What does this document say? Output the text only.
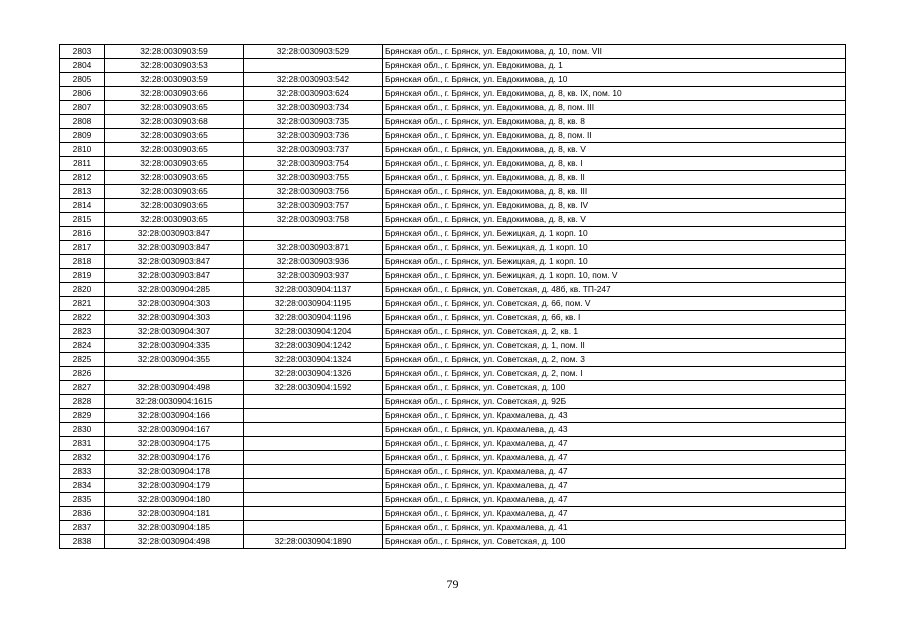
2803	32:28:0030903:59	32:28:0030903:529	Брянская обл., г. Брянск, ул. Евдокимова, д. 10, пом. VII
2804	32:28:0030903:53		Брянская обл., г. Брянск, ул. Евдокимова, д. 1
2805	32:28:0030903:59	32:28:0030903:542	Брянская обл., г. Брянск, ул. Евдокимова, д. 10
2806	32:28:0030903:66	32:28:0030903:624	Брянская обл., г. Брянск, ул. Евдокимова, д. 8, кв. IX, пом. 10
2807	32:28:0030903:65	32:28:0030903:734	Брянская обл., г. Брянск, ул. Евдокимова, д. 8, пом. III
2808	32:28:0030903:68	32:28:0030903:735	Брянская обл., г. Брянск, ул. Евдокимова, д. 8, кв. 8
2809	32:28:0030903:65	32:28:0030903:736	Брянская обл., г. Брянск, ул. Евдокимова, д. 8, пом. II
2810	32:28:0030903:65	32:28:0030903:737	Брянская обл., г. Брянск, ул. Евдокимова, д. 8, кв. V
2811	32:28:0030903:65	32:28:0030903:754	Брянская обл., г. Брянск, ул. Евдокимова, д. 8, кв. I
2812	32:28:0030903:65	32:28:0030903:755	Брянская обл., г. Брянск, ул. Евдокимова, д. 8, кв. II
2813	32:28:0030903:65	32:28:0030903:756	Брянская обл., г. Брянск, ул. Евдокимова, д. 8, кв. III
2814	32:28:0030903:65	32:28:0030903:757	Брянская обл., г. Брянск, ул. Евдокимова, д. 8, кв. IV
2815	32:28:0030903:65	32:28:0030903:758	Брянская обл., г. Брянск, ул. Евдокимова, д. 8, кв. V
2816	32:28:0030903:847		Брянская обл., г. Брянск, ул. Бежицкая, д. 1 корп. 10
2817	32:28:0030903:847	32:28:0030903:871	Брянская обл., г. Брянск, ул. Бежицкая, д. 1 корп. 10
2818	32:28:0030903:847	32:28:0030903:936	Брянская обл., г. Брянск, ул. Бежицкая, д. 1 корп. 10
2819	32:28:0030903:847	32:28:0030903:937	Брянская обл., г. Брянск, ул. Бежицкая, д. 1 корп. 10, пом. V
2820	32:28:0030904:285	32:28:0030904:1137	Брянская обл., г. Брянск, ул. Советская, д. 48б, кв. ТП-247
2821	32:28:0030904:303	32:28:0030904:1195	Брянская обл., г. Брянск, ул. Советская, д. 66, пом. V
2822	32:28:0030904:303	32:28:0030904:1196	Брянская обл., г. Брянск, ул. Советская, д. 66, кв. I
2823	32:28:0030904:307	32:28:0030904:1204	Брянская обл., г. Брянск, ул. Советская, д. 2, кв. 1
2824	32:28:0030904:335	32:28:0030904:1242	Брянская обл., г. Брянск, ул. Советская, д. 1, пом. II
2825	32:28:0030904:355	32:28:0030904:1324	Брянская обл., г. Брянск, ул. Советская, д. 2, пом. 3
2826		32:28:0030904:1326	Брянская обл., г. Брянск, ул. Советская, д. 2, пом. I
2827	32:28:0030904:498	32:28:0030904:1592	Брянская обл., г. Брянск, ул. Советская, д. 100
2828	32:28:0030904:1615		Брянская обл., г. Брянск, ул. Советская, д. 92Б
2829	32:28:0030904:166		Брянская обл., г. Брянск, ул. Крахмалева, д. 43
2830	32:28:0030904:167		Брянская обл., г. Брянск, ул. Крахмалева, д. 43
2831	32:28:0030904:175		Брянская обл., г. Брянск, ул. Крахмалева, д. 47
2832	32:28:0030904:176		Брянская обл., г. Брянск, ул. Крахмалева, д. 47
2833	32:28:0030904:178		Брянская обл., г. Брянск, ул. Крахмалева, д. 47
2834	32:28:0030904:179		Брянская обл., г. Брянск, ул. Крахмалева, д. 47
2835	32:28:0030904:180		Брянская обл., г. Брянск, ул. Крахмалева, д. 47
2836	32:28:0030904:181		Брянская обл., г. Брянск, ул. Крахмалева, д. 47
2837	32:28:0030904:185		Брянская обл., г. Брянск, ул. Крахмалева, д. 41
2838	32:28:0030904:498	32:28:0030904:1890	Брянская обл., г. Брянск, ул. Советская, д. 100
79
